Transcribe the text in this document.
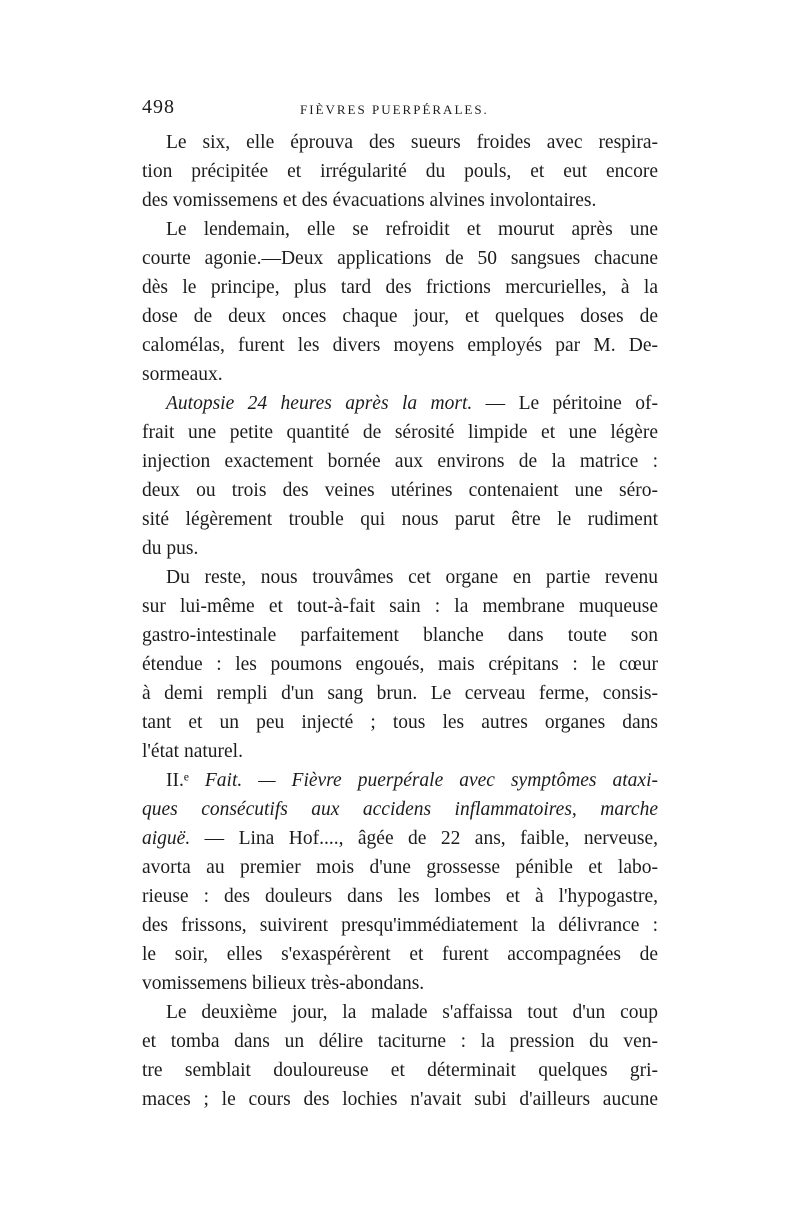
498	FIÈVRES PUERPÉRALES.
Le six, elle éprouva des sueurs froides avec respira-
tion précipitée et irrégularité du pouls, et eut encore
des vomissemens et des évacuations alvines involontaires.
Le lendemain, elle se refroidit et mourut après une
courte agonie.—Deux applications de 50 sangsues chacune
dès le principe, plus tard des frictions mercurielles, à la
dose de deux onces chaque jour, et quelques doses de
calomélas, furent les divers moyens employés par M. De-
sormeaux.
Autopsie 24 heures après la mort. — Le péritoine of-
frait une petite quantité de sérosité limpide et une légère
injection exactement bornée aux environs de la matrice :
deux ou trois des veines utérines contenaient une séro-
sité légèrement trouble qui nous parut être le rudiment
du pus.
Du reste, nous trouvâmes cet organe en partie revenu
sur lui-même et tout-à-fait sain : la membrane muqueuse
gastro-intestinale parfaitement blanche dans toute son
étendue : les poumons engoués, mais crépitans : le cœur
à demi rempli d'un sang brun. Le cerveau ferme, consis-
tant et un peu injecté ; tous les autres organes dans
l'état naturel.
II.ᵉ Fait. — Fièvre puerpérale avec symptômes ataxi-
ques consécutifs aux accidens inflammatoires, marche
aiguë. — Lina Hof...., âgée de 22 ans, faible, nerveuse,
avorta au premier mois d'une grossesse pénible et labo-
rieuse : des douleurs dans les lombes et à l'hypogastre,
des frissons, suivirent presqu'immédiatement la délivrance :
le soir, elles s'exaspérèrent et furent accompagnées de
vomissemens bilieux très-abondans.
Le deuxième jour, la malade s'affaissa tout d'un coup
et tomba dans un délire taciturne : la pression du ven-
tre semblait douloureuse et déterminait quelques gri-
maces ; le cours des lochies n'avait subi d'ailleurs aucune
